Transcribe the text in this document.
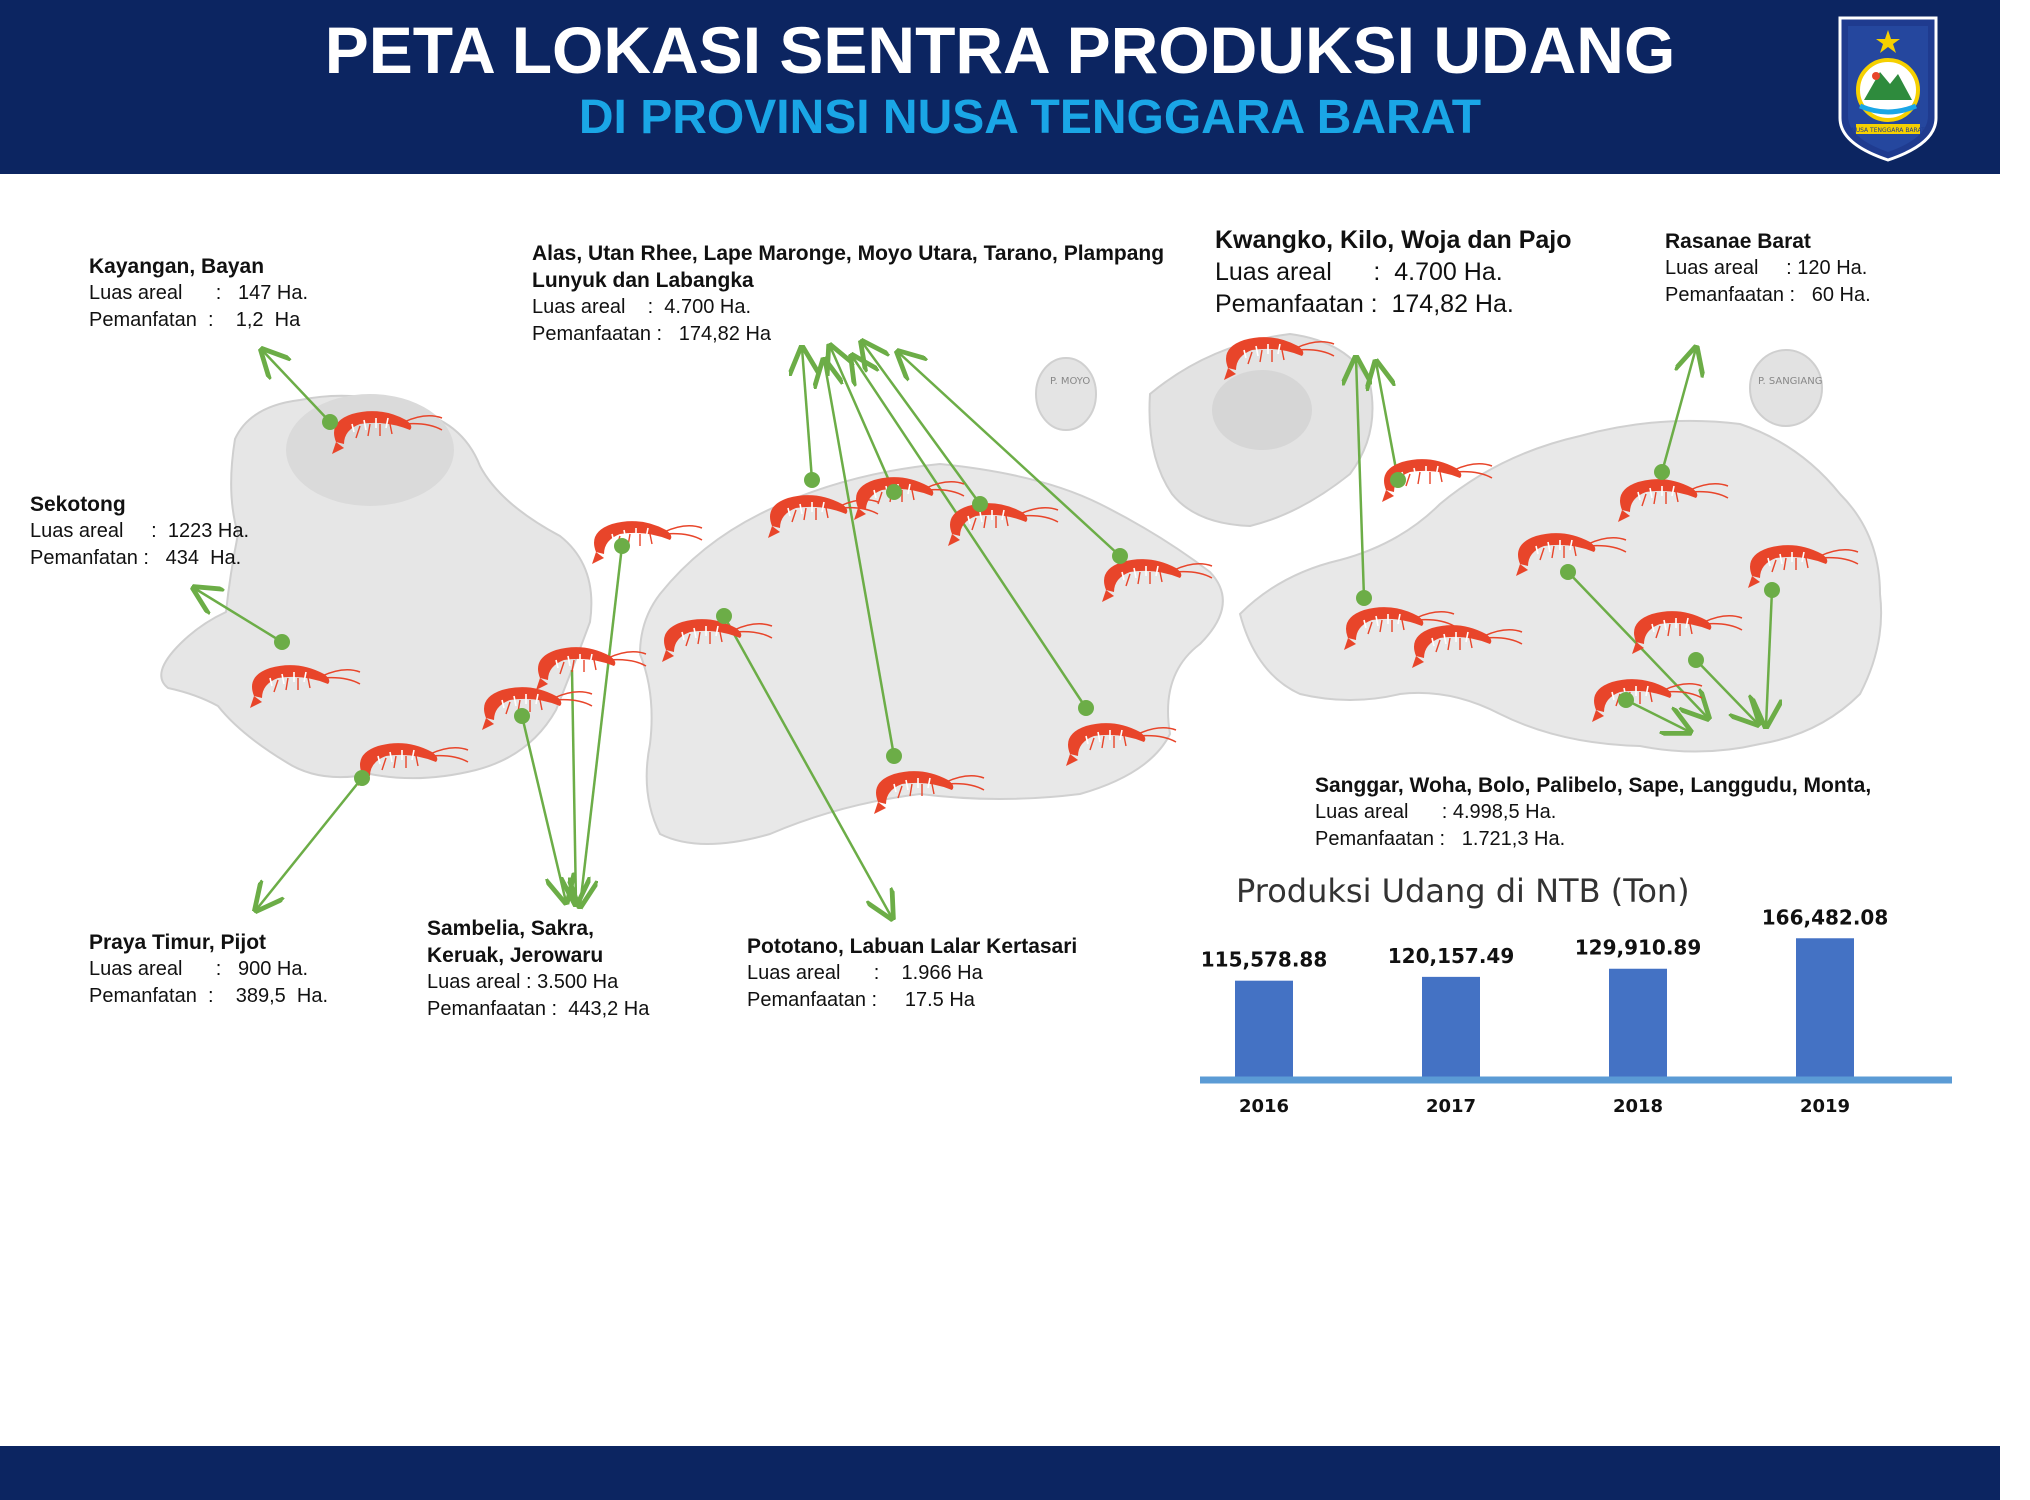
PETA LOKASI SENTRA PRODUKSI UDANG
DI PROVINSI NUSA TENGGARA BARAT	NUSA TENGGARA BARAT
P. MOYO	P. SANGIANG
Kayangan, Bayan
Luas areal      :   147 Ha.
Pemanfatan  :    1,2  Ha
Sekotong
Luas areal     :  1223 Ha.
Pemanfatan :   434  Ha.
Alas, Utan Rhee, Lape Maronge, Moyo Utara, Tarano, Plampang
Lunyuk dan Labangka
Luas areal    :  4.700 Ha.
Pemanfaatan :   174,82 Ha
Kwangko, Kilo, Woja dan Pajo
Luas areal      :  4.700 Ha.
Pemanfaatan :  174,82 Ha.
Rasanae Barat
Luas areal     : 120 Ha.
Pemanfaatan :   60 Ha.
Sanggar, Woha, Bolo, Palibelo, Sape, Langgudu, Monta,
Luas areal      : 4.998,5 Ha.
Pemanfaatan :   1.721,3 Ha.
Praya Timur, Pijot
Luas areal      :   900 Ha.
Pemanfatan  :    389,5  Ha.
Sambelia, Sakra,
Keruak, Jerowaru
Luas areal : 3.500 Ha
Pemanfaatan :  443,2 Ha
Pototano, Labuan Lalar Kertasari
Luas areal      :    1.966 Ha
Pemanfaatan :     17.5 Ha
Produksi Udang di NTB (Ton)
115,578.88
2016
120,157.49
2017
129,910.89
2018
166,482.08
2019
